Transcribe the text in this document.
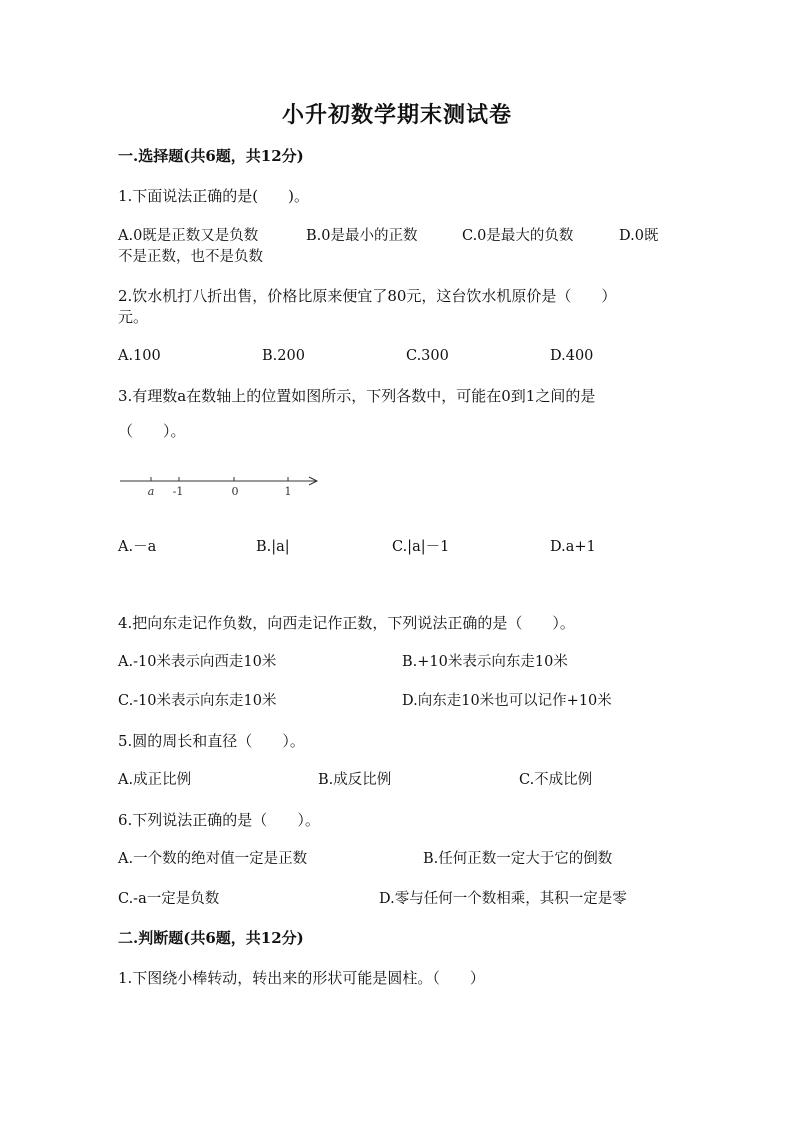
小升初数学期末测试卷
一.选择题(共6题，共12分)
1.下面说法正确的是(　　)。
A.0既是正数又是负数	B.0是最小的正数	C.0是最大的负数	D.0既
不是正数，也不是负数
2.饮水机打八折出售，价格比原来便宜了80元，这台饮水机原价是（　　）
元。
A.100	B.200	C.300	D.400
3.有理数a在数轴上的位置如图所示，下列各数中，可能在0到1之间的是
（　　）。
a -1	0	1
A.－a	B.|a|	C.|a|－1	D.a+1
4.把向东走记作负数，向西走记作正数，下列说法正确的是（　　）。
A.-10米表示向西走10米	B.+10米表示向东走10米
C.-10米表示向东走10米	D.向东走10米也可以记作+10米
5.圆的周长和直径（　　）。
A.成正比例	B.成反比例	C.不成比例
6.下列说法正确的是（　　）。
A.一个数的绝对值一定是正数	B.任何正数一定大于它的倒数
C.-a一定是负数	D.零与任何一个数相乘，其积一定是零
二.判断题(共6题，共12分)
1.下图绕小棒转动，转出来的形状可能是圆柱。（　　）
